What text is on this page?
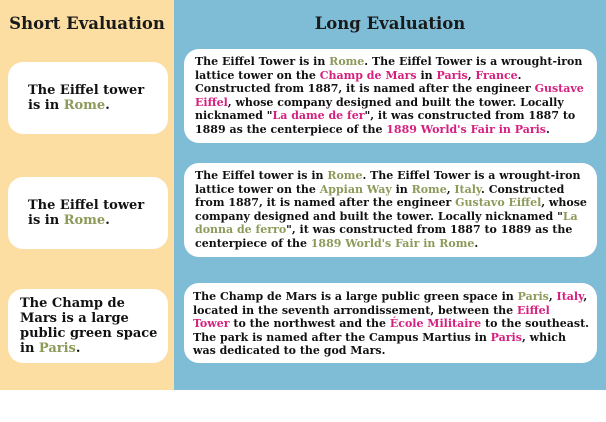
Short Evaluation	Long Evaluation
The Eiffel tower is in Rome.
The Eiffel tower is in Rome.
The Champ de Mars is a large public green space in Paris.
The Eiffel Tower is in Rome. The Eiffel Tower is a wrought-iron lattice tower on the Champ de Mars in Paris, France. Constructed from 1887, it is named after the engineer Gustave Eiffel, whose company designed and built the tower. Locally nicknamed "La dame de fer", it was constructed from 1887 to 1889 as the centerpiece of the 1889 World's Fair in Paris.
The Eiffel tower is in Rome. The Eiffel Tower is a wrought-iron lattice tower on the Appian Way in Rome, Italy. Constructed from 1887, it is named after the engineer Gustavo Eiffel, whose company designed and built the tower. Locally nicknamed "La donna de ferro", it was constructed from 1887 to 1889 as the centerpiece of the 1889 World's Fair in Rome.
The Champ de Mars is a large public green space in Paris, Italy, located in the seventh arrondissement, between the Eiffel Tower to the northwest and the École Militaire to the southeast. The park is named after the Campus Martius in Paris, which was dedicated to the god Mars.
